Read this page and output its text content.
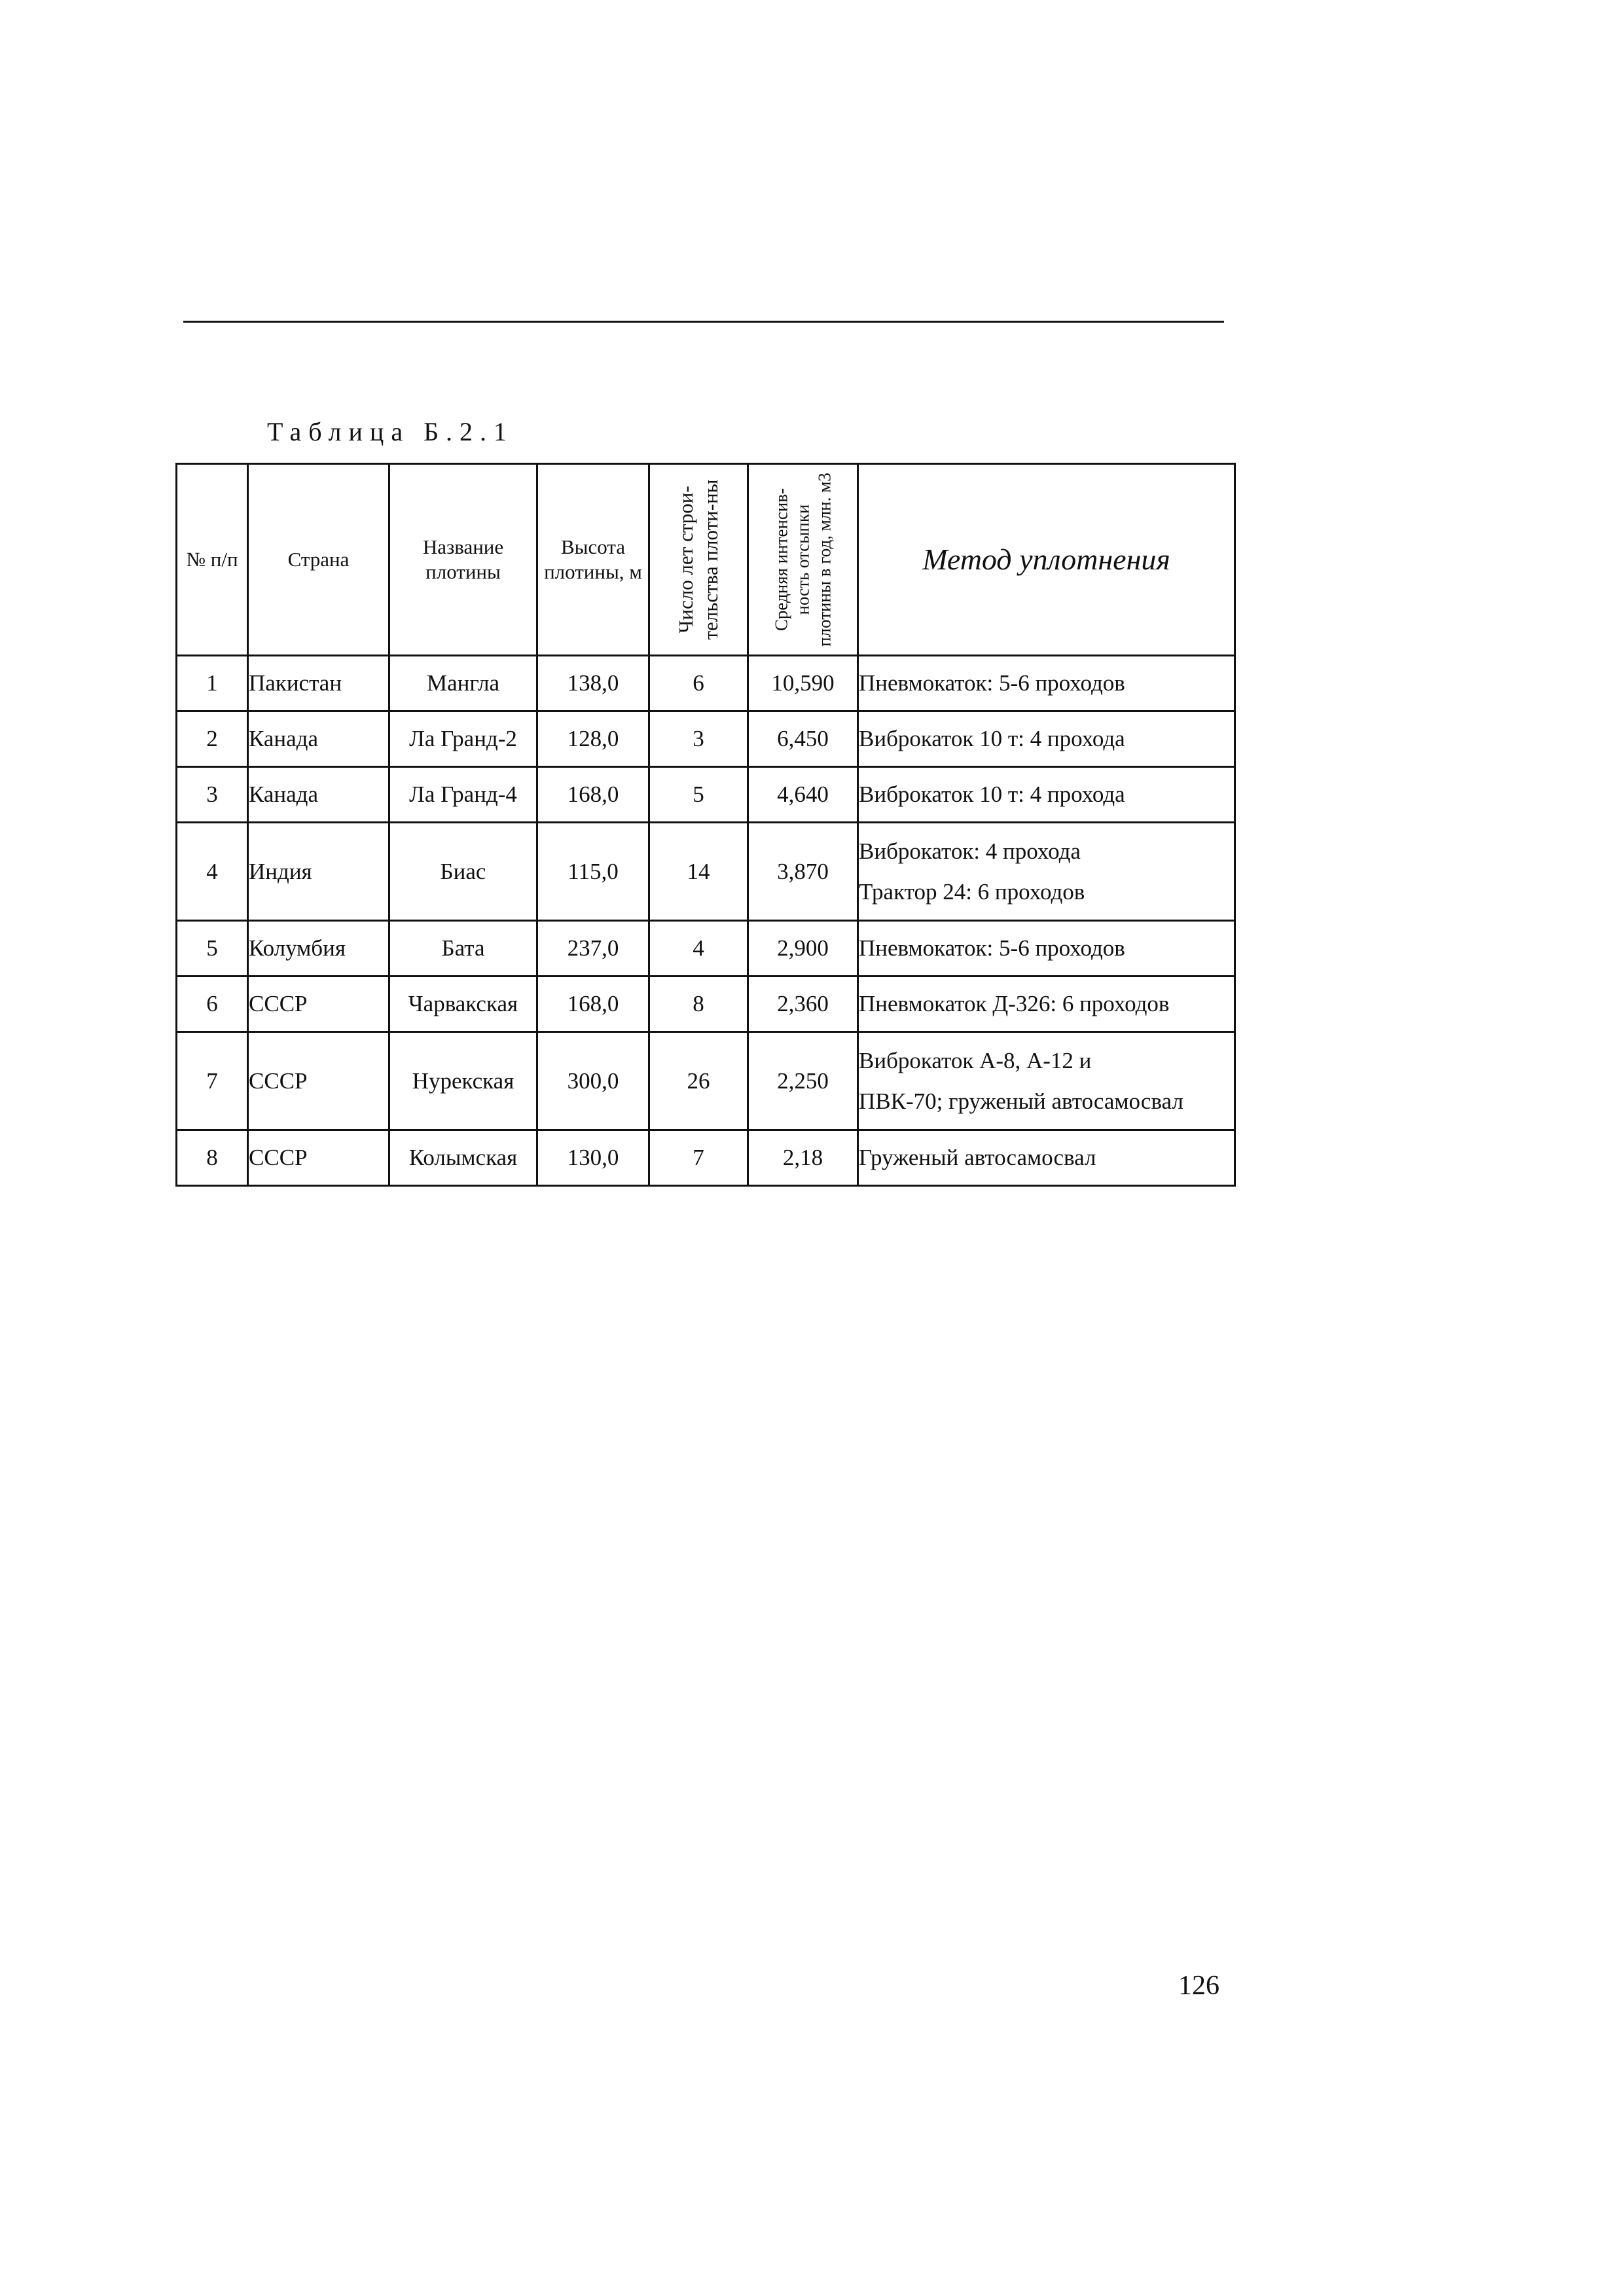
Таблица Б.2.1
№ п/п	Страна	Название плотины	Высота плотины, м	Число лет строи-тельства плоти-ны	Средняя интенсив-ность отсыпки плотины в год, млн. м3	Метод уплотнения
1	Пакистан	Мангла	138,0	6	10,590	Пневмокаток: 5-6 проходов

2	Канада	Ла Гранд-2	128,0	3	6,450	Виброкаток 10 т: 4 прохода

3	Канада	Ла Гранд-4	168,0	5	4,640	Виброкаток 10 т: 4 прохода

4	Индия	Биас	115,0	14	3,870	Виброкаток: 4 прохода
Трактор 24: 6 проходов

5	Колумбия	Бата	237,0	4	2,900	Пневмокаток: 5-6 проходов

6	СССР	Чарвакская	168,0	8	2,360	Пневмокаток Д-326: 6 проходов

7	СССР	Нурекская	300,0	26	2,250	Виброкаток А-8, А-12 и
ПВК-70; груженый автосамосвал

8	СССР	Колымская	130,0	7	2,18	Груженый автосамосвал
126
